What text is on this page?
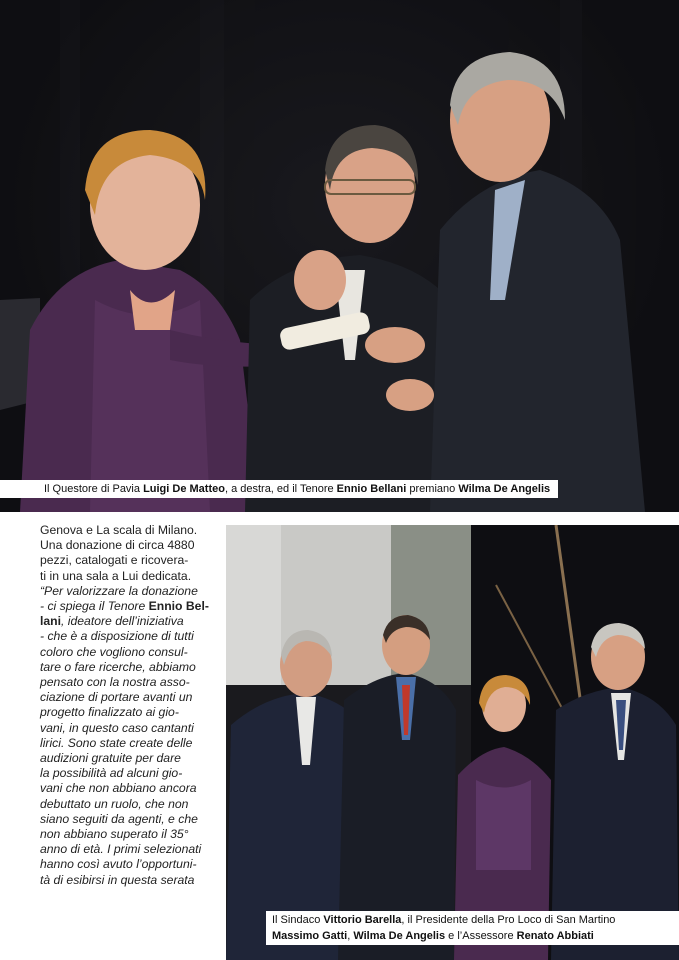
Il Questore di Pavia Luigi De Matteo, a destra, ed il Tenore Ennio Bellani premiano Wilma De Angelis

Genova e La scala di Milano.

Una donazione di circa 4880

pezzi, catalogati e ricovera-

ti in una sala a Lui dedicata.

“Per valorizzare la donazione

- ci spiega il Tenore Ennio Bel-

lani, ideatore dell’iniziativa

- che è a disposizione di tutti

coloro che vogliono consul-

tare o fare ricerche, abbiamo

pensato con la nostra asso-

ciazione di portare avanti un

progetto finalizzato ai gio-

vani, in questo caso cantanti

lirici. Sono state create delle

audizioni gratuite per dare

la possibilità ad alcuni gio-

vani che non abbiano ancora

debuttato un ruolo, che non

siano seguiti da agenti, e che

non abbiano superato il 35°

anno di età. I primi selezionati

hanno così avuto l’opportuni-

tà di esibirsi in questa serata

Il Sindaco Vittorio Barella, il Presidente della Pro Loco di San Martino
Massimo Gatti, Wilma De Angelis e l’Assessore Renato Abbiati
